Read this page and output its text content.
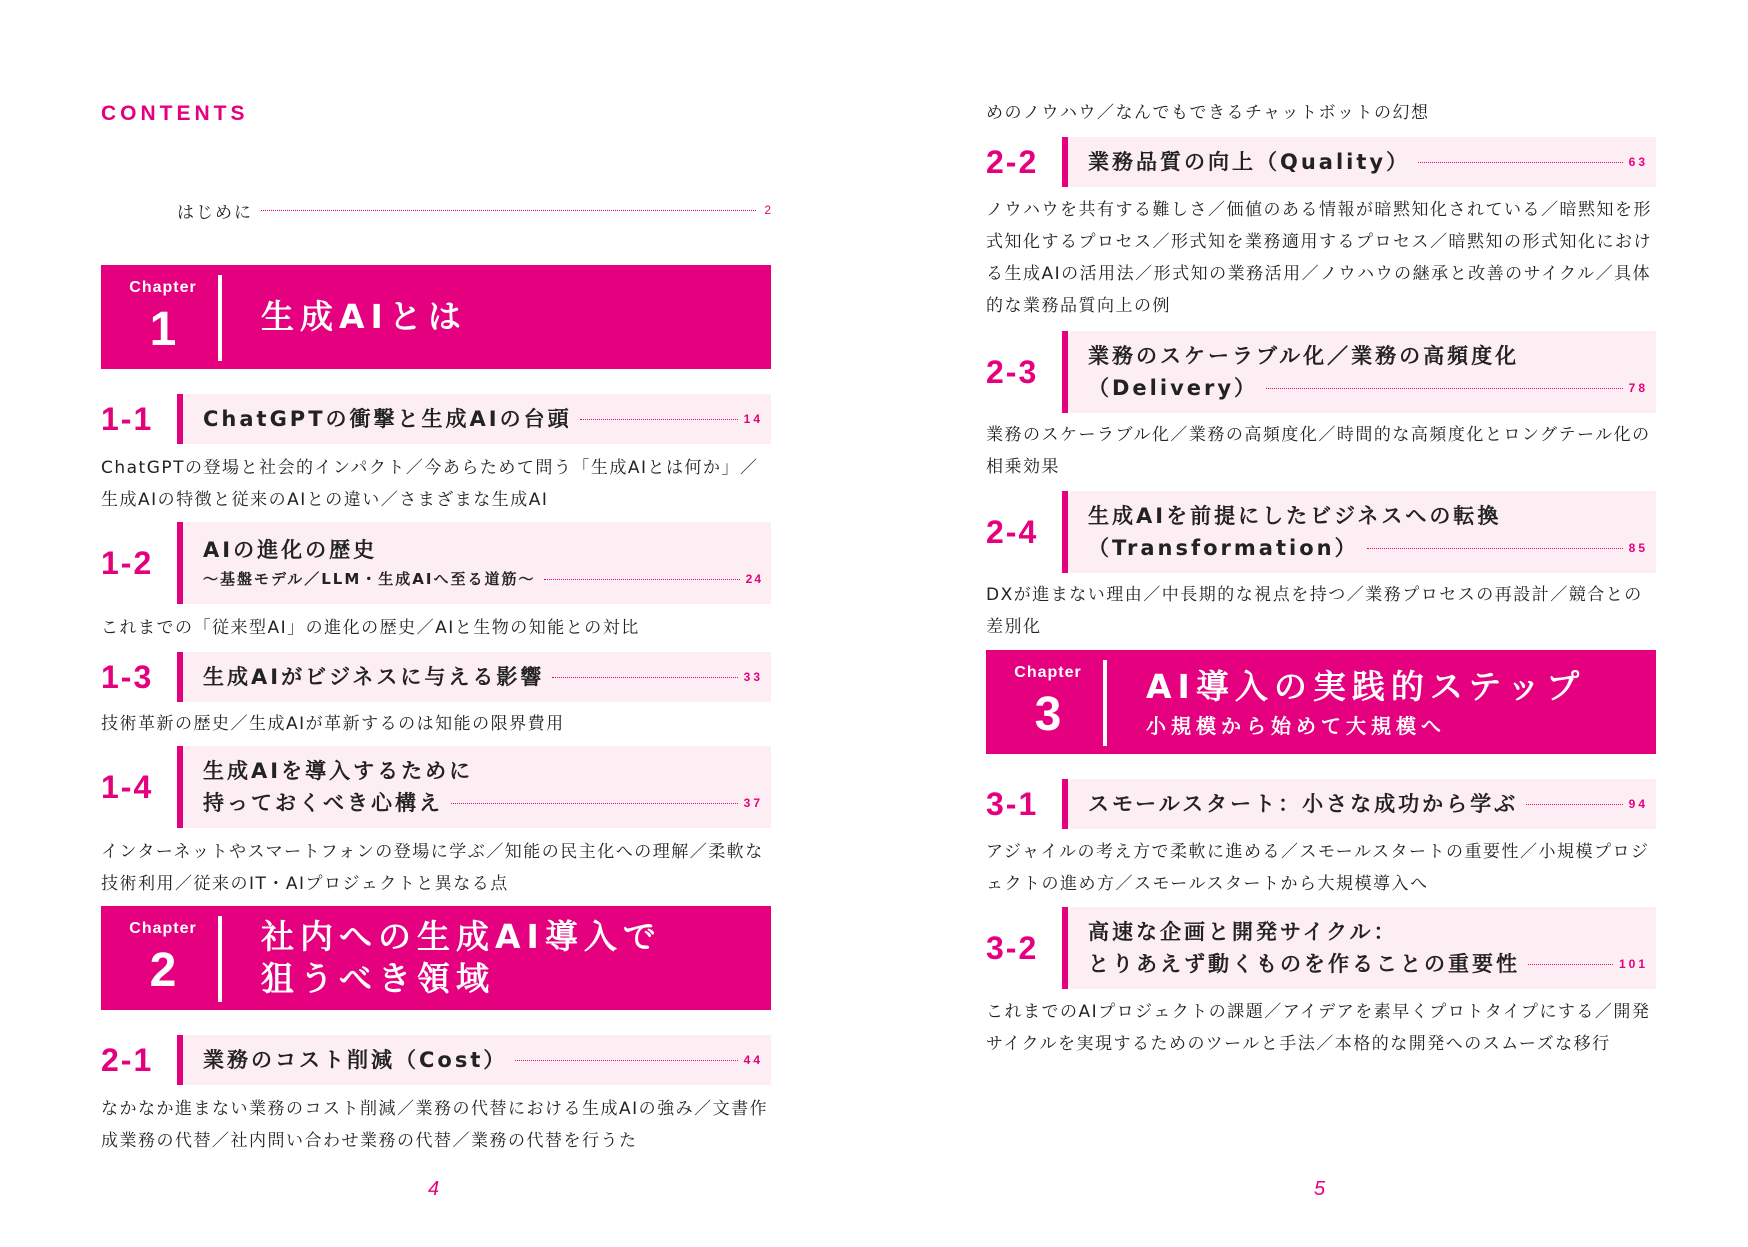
CONTENTS
はじめに	2
Chapter
1	生成AIとは
1-1	ChatGPTの衝撃と生成AIの台頭	14
ChatGPTの登場と社会的インパクト／今あらためて問う「生成AIとは何か」／生成AIの特徴と従来のAIとの違い／さまざまな生成AI
1-2	AIの進化の歴史
〜基盤モデル／LLM・生成AIへ至る道筋〜	24
これまでの「従来型AI」の進化の歴史／AIと生物の知能との対比
1-3	生成AIがビジネスに与える影響	33
技術革新の歴史／生成AIが革新するのは知能の限界費用
1-4	生成AIを導入するために
持っておくべき心構え	37
インターネットやスマートフォンの登場に学ぶ／知能の民主化への理解／柔軟な技術利用／従来のIT・AIプロジェクトと異なる点
Chapter
2
社内への生成AI導入で
狙うべき領域
2-1	業務のコスト削減（Cost）	44
なかなか進まない業務のコスト削減／業務の代替における生成AIの強み／文書作成業務の代替／社内問い合わせ業務の代替／業務の代替を行うた
4
めのノウハウ／なんでもできるチャットボットの幻想
2-2	業務品質の向上（Quality）	63
ノウハウを共有する難しさ／価値のある情報が暗黙知化されている／暗黙知を形式知化するプロセス／形式知を業務適用するプロセス／暗黙知の形式知化における生成AIの活用法／形式知の業務活用／ノウハウの継承と改善のサイクル／具体的な業務品質向上の例
2-3	業務のスケーラブル化／業務の高頻度化
（Delivery）	78
業務のスケーラブル化／業務の高頻度化／時間的な高頻度化とロングテール化の相乗効果
2-4	生成AIを前提にしたビジネスへの転換
（Transformation）	85
DXが進まない理由／中長期的な視点を持つ／業務プロセスの再設計／競合との差別化
Chapter
3
AI導入の実践的ステップ
小規模から始めて大規模へ
3-1	スモールスタート：小さな成功から学ぶ	94
アジャイルの考え方で柔軟に進める／スモールスタートの重要性／小規模プロジェクトの進め方／スモールスタートから大規模導入へ
3-2	高速な企画と開発サイクル：
とりあえず動くものを作ることの重要性	101
これまでのAIプロジェクトの課題／アイデアを素早くプロトタイプにする／開発サイクルを実現するためのツールと手法／本格的な開発へのスムーズな移行
5
